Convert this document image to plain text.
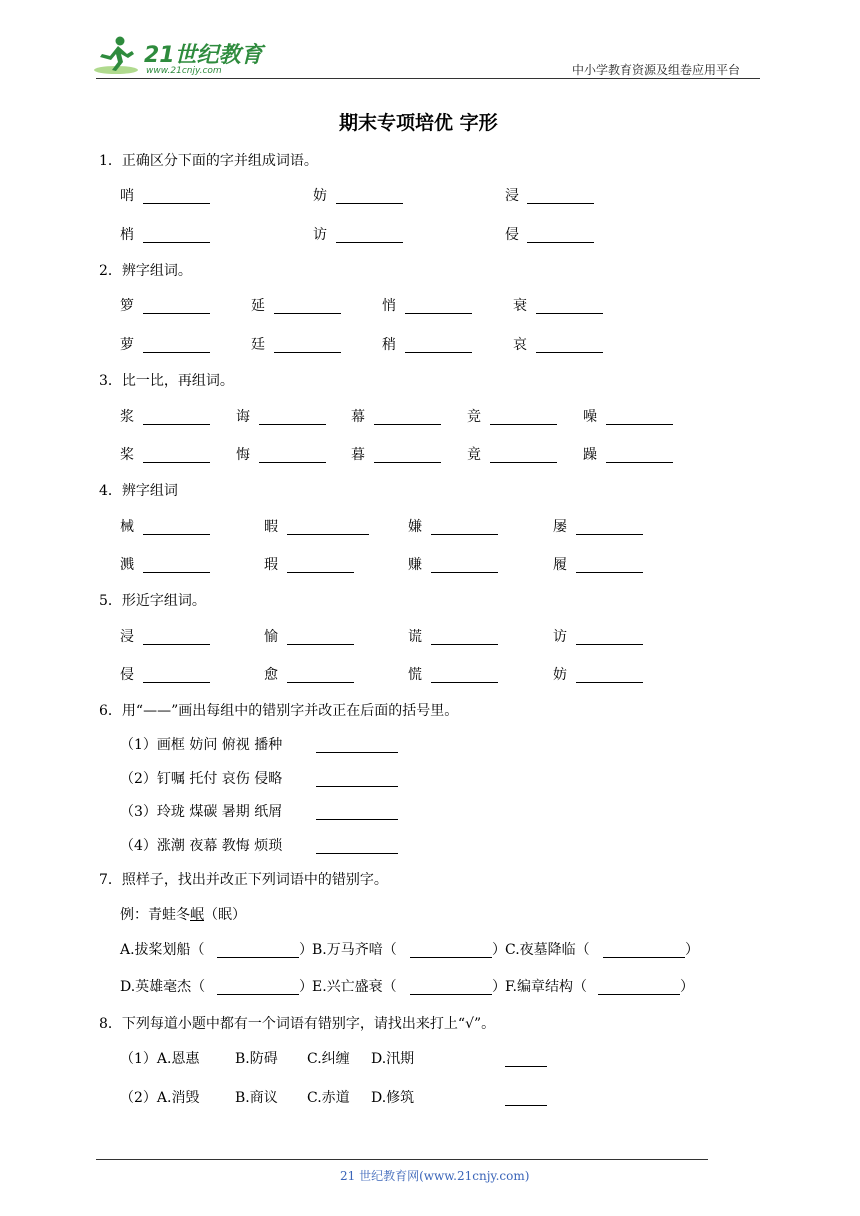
21世纪教育
www.21cnjy.com	中小学教育资源及组卷应用平台
期末专项培优 字形
1．正确区分下面的字并组成词语。
哨	妨	浸
梢	访	侵
2．辨字组词。
箩	延	悄	衰
萝	廷	稍	哀
3．比一比，再组词。
浆	诲	幕	竞	噪
桨	悔	暮	竟	躁
4．辨字组词
械	暇	嫌	屡
溅	瑕	赚	履
5．形近字组词。
浸	愉	谎	访
侵	愈	慌	妨
6．用“——”画出每组中的错别字并改正在后面的括号里。
（1）画框 妨问 俯视 播种
（2）钉嘱 托付 哀伤 侵略
（3）玲珑 煤碳 暑期 纸屑
（4）涨潮 夜幕 教悔 烦琐
7．照样子，找出并改正下列词语中的错别字。
例：青蛙冬岷（眠）
A.拔桨划船（	） B.万马齐喑（	） C.夜墓降临（	）
D.英雄毫杰（	） E.兴亡盛衰（	） F.编章结构（	）
8．下列每道小题中都有一个词语有错别字，请找出来打上“√”。
（1）A.恩惠	B.防碍 C.纠缠 D.汛期
（2）A.消毁	B.商议 C.赤道 D.修筑
21 世纪教育网(www.21cnjy.com)
